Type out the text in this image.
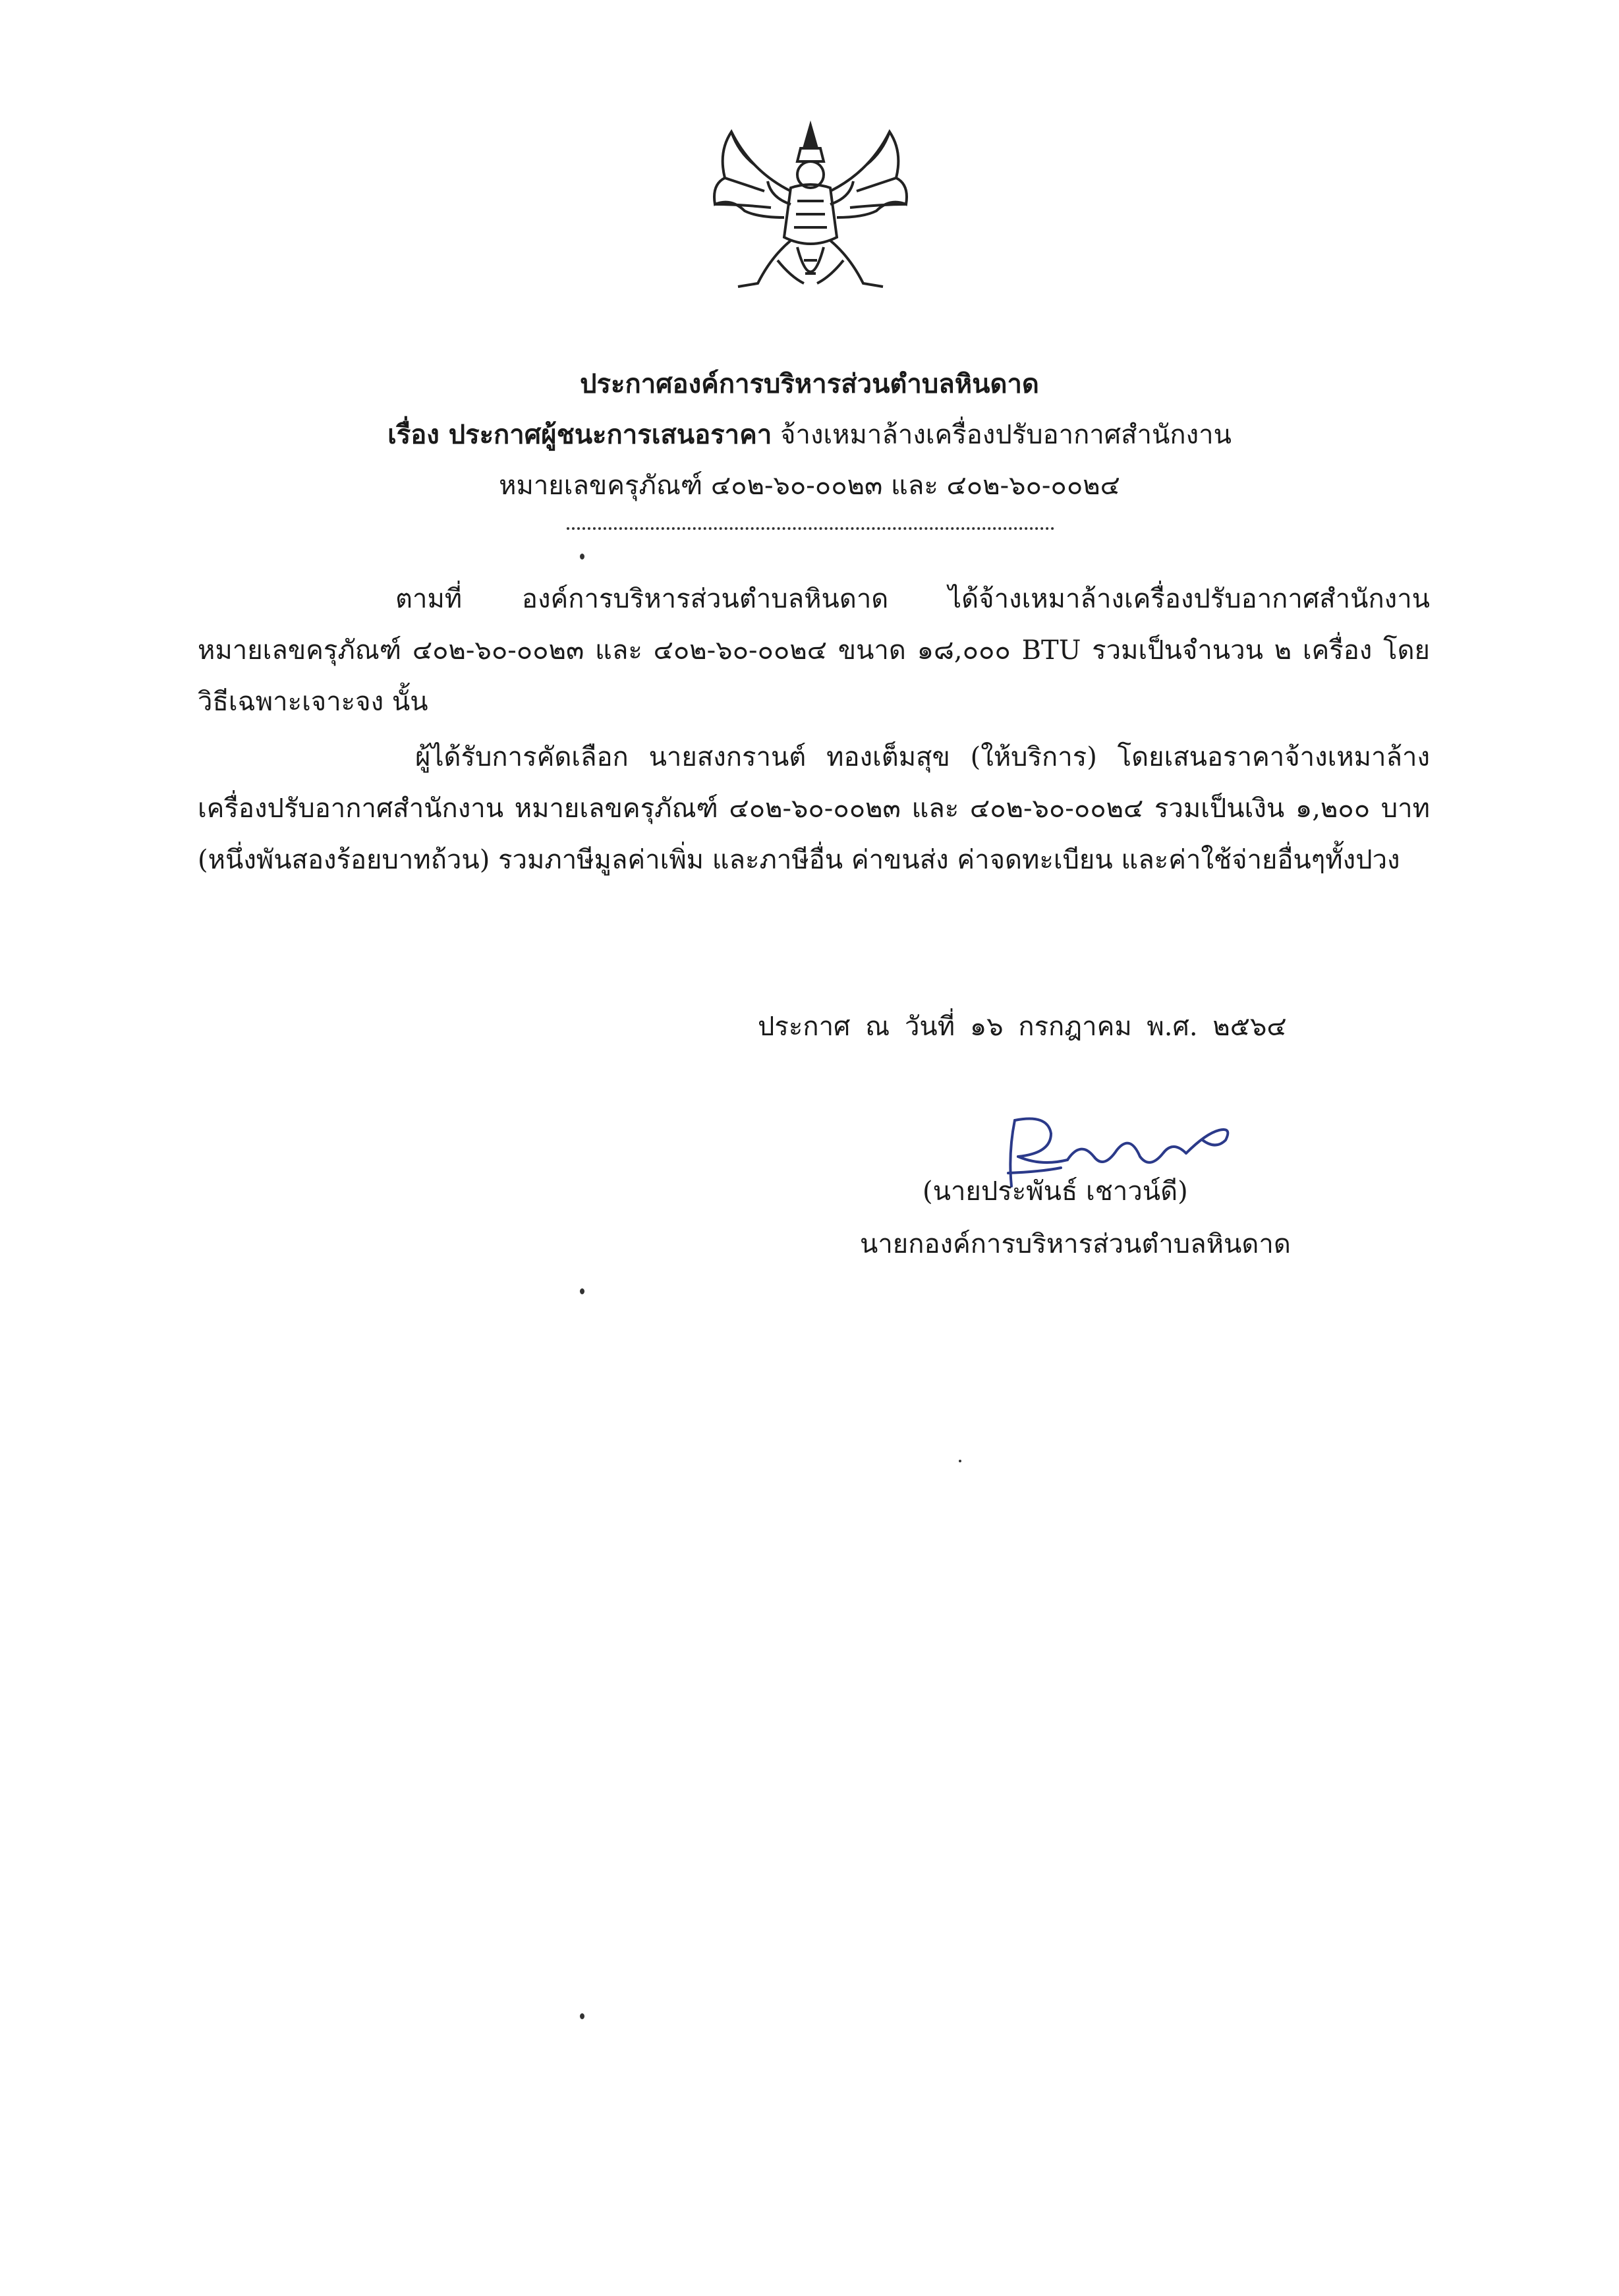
ประกาศองค์การบริหารส่วนตำบลหินดาด
เรื่อง ประกาศผู้ชนะการเสนอราคา จ้างเหมาล้างเครื่องปรับอากาศสำนักงาน
หมายเลขครุภัณฑ์ ๔๐๒-๖๐-๐๐๒๓ และ ๔๐๒-๖๐-๐๐๒๔
ตามที่ องค์การบริหารส่วนตำบลหินดาด ได้จ้างเหมาล้างเครื่องปรับอากาศสำนักงาน หมายเลขครุภัณฑ์ ๔๐๒-๖๐-๐๐๒๓ และ ๔๐๒-๖๐-๐๐๒๔ ขนาด ๑๘,๐๐๐ BTU รวมเป็นจำนวน ๒ เครื่อง โดยวิธีเฉพาะเจาะจง นั้น
ผู้ได้รับการคัดเลือก นายสงกรานต์ ทองเต็มสุข (ให้บริการ) โดยเสนอราคาจ้างเหมาล้างเครื่องปรับอากาศสำนักงาน หมายเลขครุภัณฑ์ ๔๐๒-๖๐-๐๐๒๓ และ ๔๐๒-๖๐-๐๐๒๔ รวมเป็นเงิน ๑,๒๐๐ บาท (หนึ่งพันสองร้อยบาทถ้วน) รวมภาษีมูลค่าเพิ่ม และภาษีอื่น ค่าขนส่ง ค่าจดทะเบียน และค่าใช้จ่ายอื่นๆทั้งปวง
ประกาศ ณ วันที่ ๑๖ กรกฎาคม พ.ศ. ๒๕๖๔
(นายประพันธ์ เชาวน์ดี)
นายกองค์การบริหารส่วนตำบลหินดาด
